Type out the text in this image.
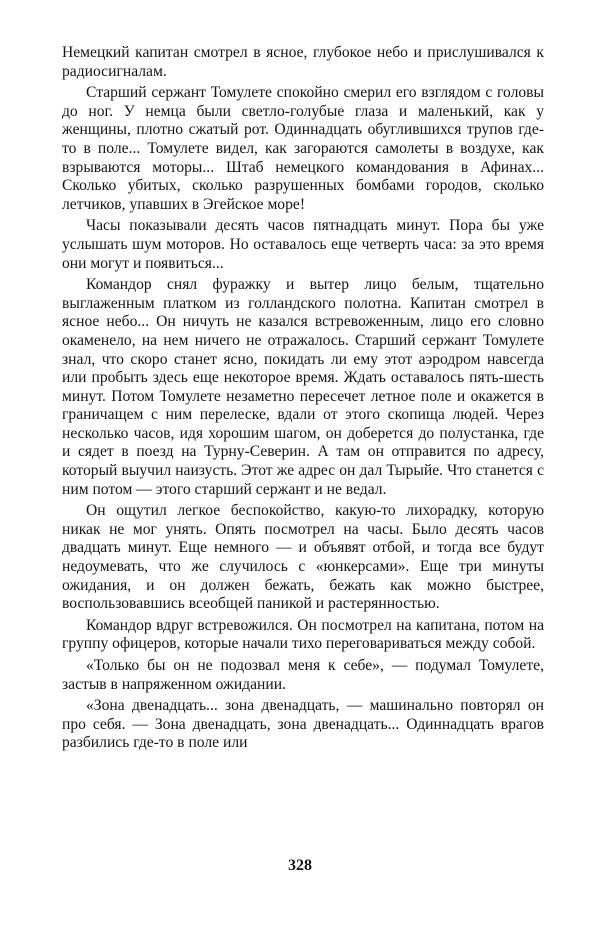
Немецкий капитан смотрел в ясное, глубокое небо и прислушивался к радиосигналам.

Старший сержант Томулете спокойно смерил его взглядом с головы до ног. У немца были светло-голубые глаза и маленький, как у женщины, плотно сжатый рот. Одиннадцать обуглившихся трупов где-то в поле... Томулете видел, как загораются самолеты в воздухе, как взрываются моторы... Штаб немецкого командования в Афинах... Сколько убитых, сколько разрушенных бомбами городов, сколько летчиков, упавших в Эгейское море!

Часы показывали десять часов пятнадцать минут. Пора бы уже услышать шум моторов. Но оставалось еще четверть часа: за это время они могут и появиться...

Командор снял фуражку и вытер лицо белым, тщательно выглаженным платком из голландского полотна. Капитан смотрел в ясное небо... Он ничуть не казался встревоженным, лицо его словно окаменело, на нем ничего не отражалось. Старший сержант Томулете знал, что скоро станет ясно, покидать ли ему этот аэродром навсегда или пробыть здесь еще некоторое время. Ждать оставалось пять-шесть минут. Потом Томулете незаметно пересечет летное поле и окажется в граничащем с ним перелеске, вдали от этого скопища людей. Через несколько часов, идя хорошим шагом, он доберется до полустанка, где и сядет в поезд на Турну-Северин. А там он отправится по адресу, который выучил наизусть. Этот же адрес он дал Тырыйе. Что станется с ним потом — этого старший сержант и не ведал.

Он ощутил легкое беспокойство, какую-то лихорадку, которую никак не мог унять. Опять посмотрел на часы. Было десять часов двадцать минут. Еще немного — и объявят отбой, и тогда все будут недоумевать, что же случилось с «юнкерсами». Еще три минуты ожидания, и он должен бежать, бежать как можно быстрее, воспользовавшись всеобщей паникой и растерянностью.

Командор вдруг встревожился. Он посмотрел на капитана, потом на группу офицеров, которые начали тихо переговариваться между собой.

«Только бы он не подозвал меня к себе», — подумал Томулете, застыв в напряженном ожидании.

«Зона двенадцать... зона двенадцать, — машинально повторял он про себя. — Зона двенадцать, зона двенадцать... Одиннадцать врагов разбились где-то в поле или

328
